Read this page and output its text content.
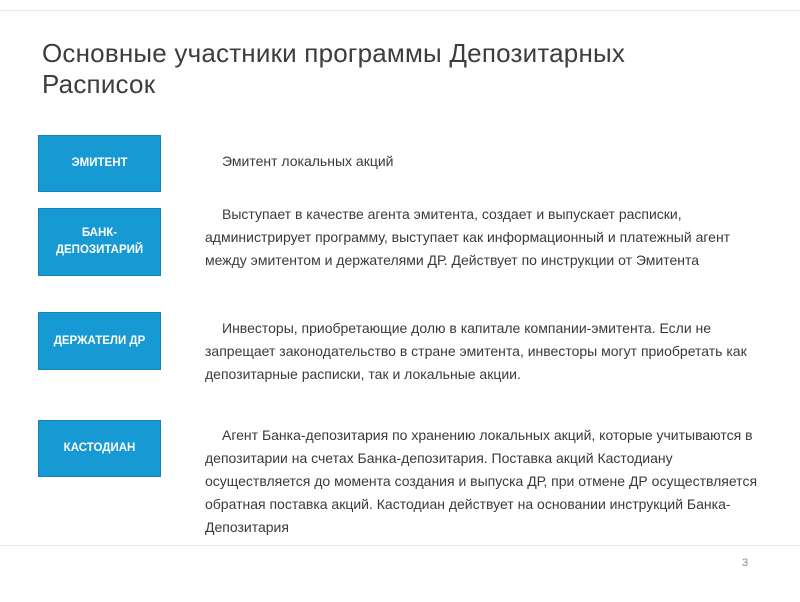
Основные участники программы Депозитарных Расписок
ЭМИТЕНТ	Эмитент локальных акций

БАНК-ДЕПОЗИТАРИЙ

Выступает в качестве агента эмитента, создает и выпускает расписки, администрирует программу, выступает как информационный и платежный агент между эмитентом и держателями ДР. Действует по инструкции от Эмитента

ДЕРЖАТЕЛИ ДР

Инвесторы, приобретающие долю в капитале компании-эмитента. Если не запрещает законодательство в стране эмитента, инвесторы могут приобретать как депозитарные расписки, так и локальные акции.

КАСТОДИАН

Агент Банка-депозитария по хранению локальных акций, которые учитываются в депозитарии на счетах Банка-депозитария. Поставка акций Кастодиану осуществляется до момента создания и выпуска ДР, при отмене ДР осуществляется обратная поставка акций. Кастодиан действует на основании инструкций Банка-Депозитария

3
